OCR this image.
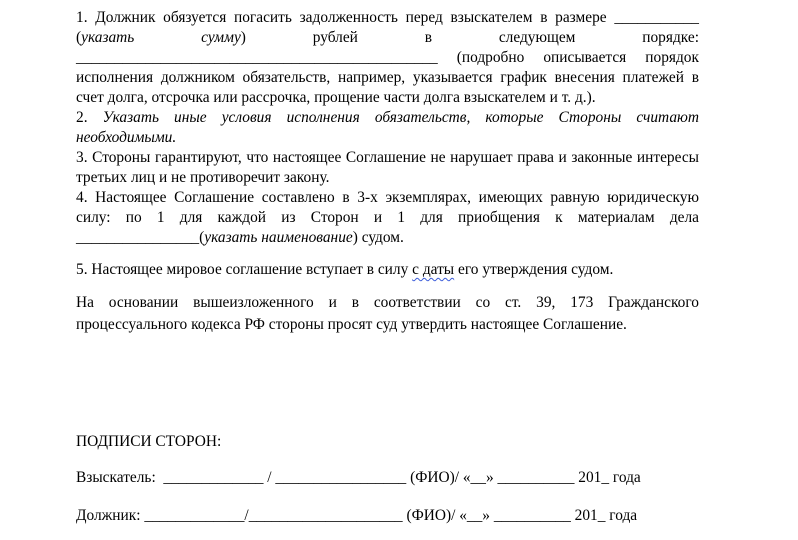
1. Должник обязуется погасить задолженность перед взыскателем в размере ___________ (указать сумму) рублей в следующем порядке: _______________________________________________ (подробно описывается порядок исполнения должником обязательств, например, указывается график внесения платежей в счет долга, отсрочка или рассрочка, прощение части долга взыскателем и т. д.).

2. Указать иные условия исполнения обязательств, которые Стороны считают необходимыми.

3. Стороны гарантируют, что настоящее Соглашение не нарушает права и законные интересы третьих лиц и не противоречит закону.

4. Настоящее Соглашение составлено в 3-х экземплярах, имеющих равную юридическую силу: по 1 для каждой из Сторон и 1 для приобщения к материалам дела ________________(указать наименование) судом.

5. Настоящее мировое соглашение вступает в силу с даты его утверждения судом.

На основании вышеизложенного и в соответствии со ст. 39, 173 Гражданского процессуального кодекса РФ стороны просят суд утвердить настоящее Соглашение.

ПОДПИСИ СТОРОН:
Взыскатель:  _____________ / _________________ (ФИО)/ «__» __________ 201_ года
Должник: _____________/____________________ (ФИО)/ «__» __________ 201_ года
